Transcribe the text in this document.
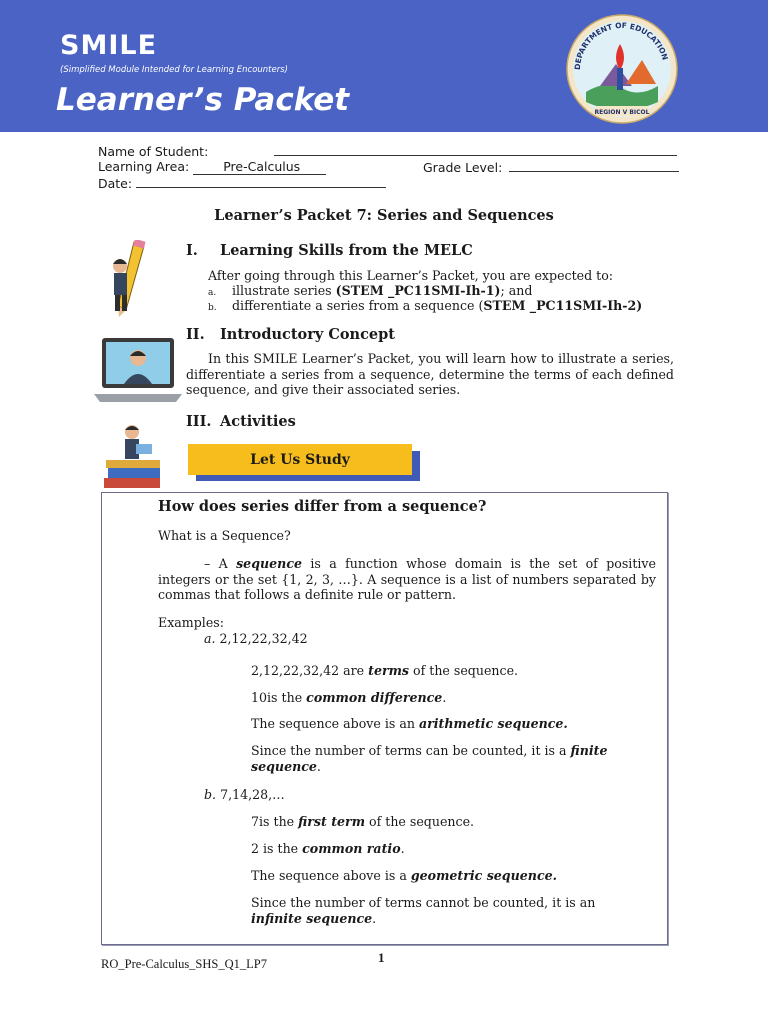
SMILE
(Simplified Module Intended for Learning Encounters)
Learner’s Packet
DEPARTMENT OF EDUCATION
REGION V BICOL
Name of Student:
Learning Area:	Pre-Calculus	Grade Level:
Date:
Learner’s Packet 7: Series and Sequences
I. Learning Skills from the MELC
After going through this Learner’s Packet, you are expected to:
a. illustrate series (STEM _PC11SMI-Ih-1); and
b. differentiate a series from a sequence (STEM _PC11SMI-Ih-2)
II. Introductory Concept
In this SMILE Learner’s Packet, you will learn how to illustrate a series, differentiate a series from a sequence, determine the terms of each defined sequence, and give their associated series.
III. Activities
Let Us Study
How does series differ from a sequence?
What is a Sequence?
– A sequence is a function whose domain is the set of positive integers or the set {1, 2, 3, …}. A sequence is a list of numbers separated by commas that follows a definite rule or pattern.
Examples:
a. 2,12,22,32,42
2,12,22,32,42 are terms of the sequence.
10is the common difference.
The sequence above is an arithmetic sequence.
Since the number of terms can be counted, it is a finite
sequence.
b. 7,14,28,…
7is the first term of the sequence.
2 is the common ratio.
The sequence above is a geometric sequence.
Since the number of terms cannot be counted, it is an
infinite sequence.
1
RO_Pre-Calculus_SHS_Q1_LP7
